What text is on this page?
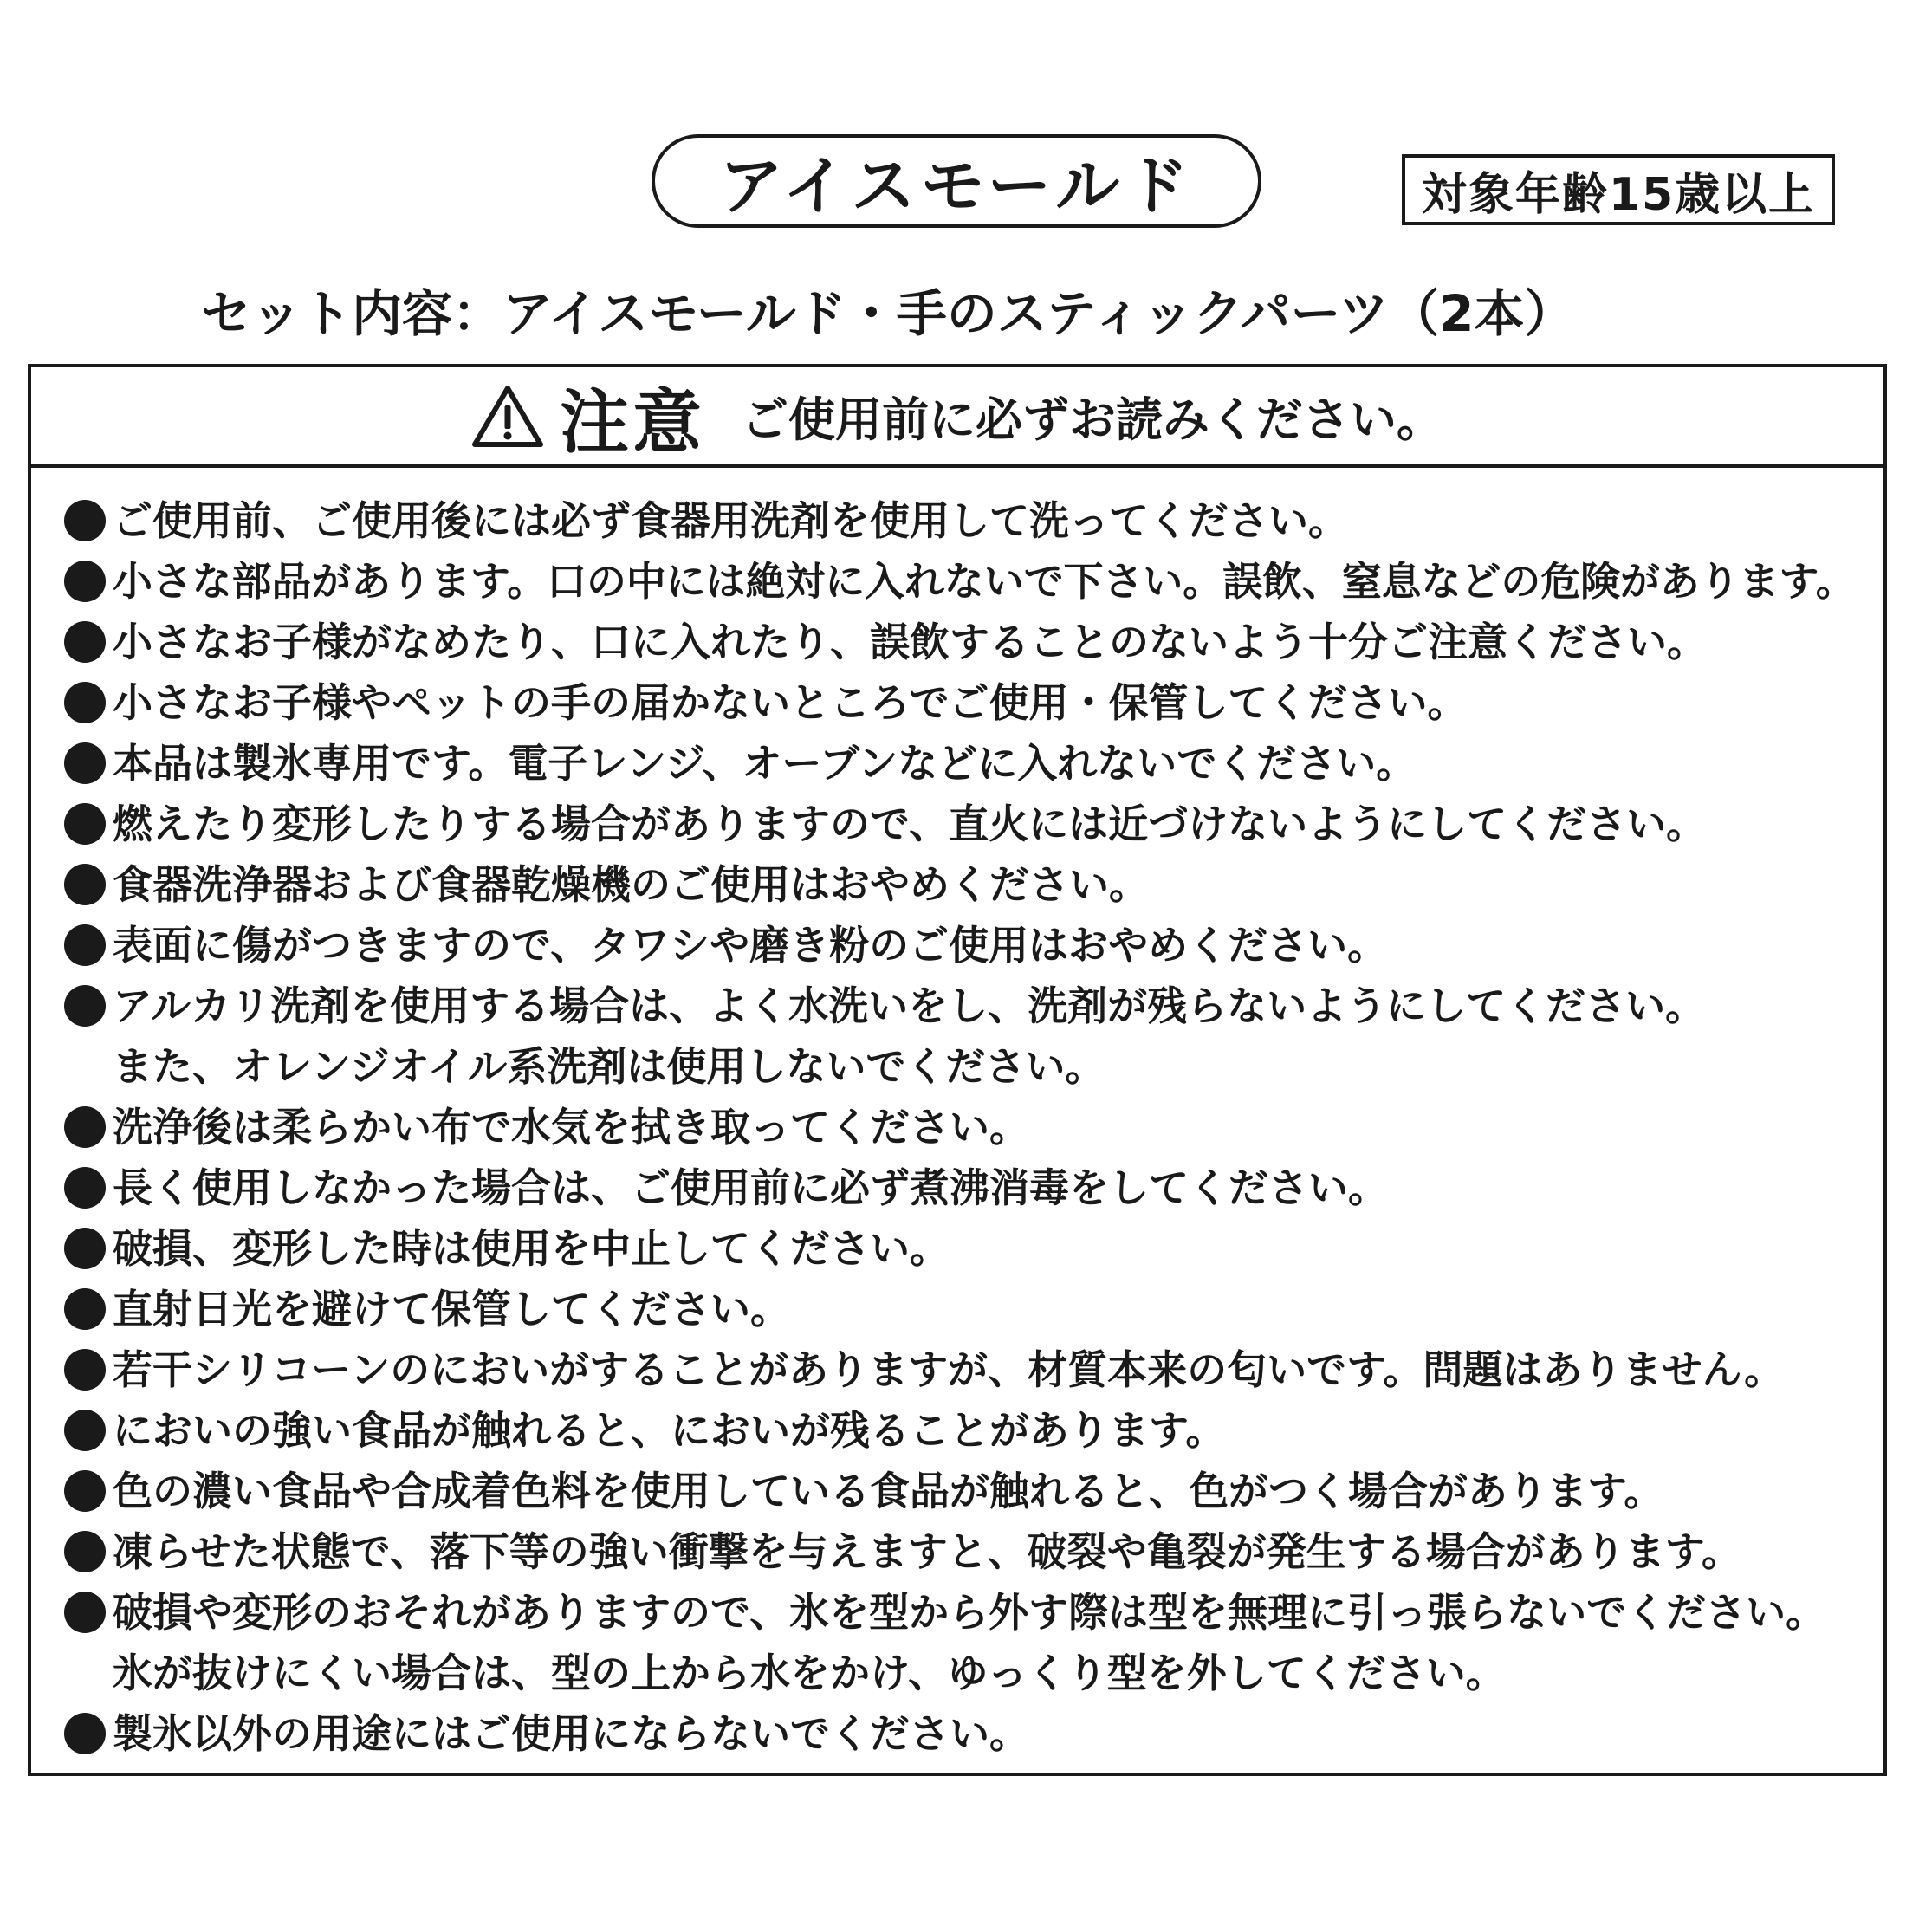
アイスモールド	対象年齢15歳以上
セット内容：アイスモールド・手のスティックパーツ（2本）
注意 ご使用前に必ずお読みください。
ご使用前、ご使用後には必ず食器用洗剤を使用して洗ってください。
小さな部品があります。口の中には絶対に入れないで下さい。誤飲、窒息などの危険があります。
小さなお子様がなめたり、口に入れたり、誤飲することのないよう十分ご注意ください。
小さなお子様やペットの手の届かないところでご使用・保管してください。
本品は製氷専用です。電子レンジ、オーブンなどに入れないでください。
燃えたり変形したりする場合がありますので、直火には近づけないようにしてください。
食器洗浄器および食器乾燥機のご使用はおやめください。
表面に傷がつきますので、タワシや磨き粉のご使用はおやめください。
アルカリ洗剤を使用する場合は、よく水洗いをし、洗剤が残らないようにしてください。
また、オレンジオイル系洗剤は使用しないでください。
洗浄後は柔らかい布で水気を拭き取ってください。
長く使用しなかった場合は、ご使用前に必ず煮沸消毒をしてください。
破損、変形した時は使用を中止してください。
直射日光を避けて保管してください。
若干シリコーンのにおいがすることがありますが、材質本来の匂いです。問題はありません。
においの強い食品が触れると、においが残ることがあります。
色の濃い食品や合成着色料を使用している食品が触れると、色がつく場合があります。
凍らせた状態で、落下等の強い衝撃を与えますと、破裂や亀裂が発生する場合があります。
破損や変形のおそれがありますので、氷を型から外す際は型を無理に引っ張らないでください。
氷が抜けにくい場合は、型の上から水をかけ、ゆっくり型を外してください。
製氷以外の用途にはご使用にならないでください。
